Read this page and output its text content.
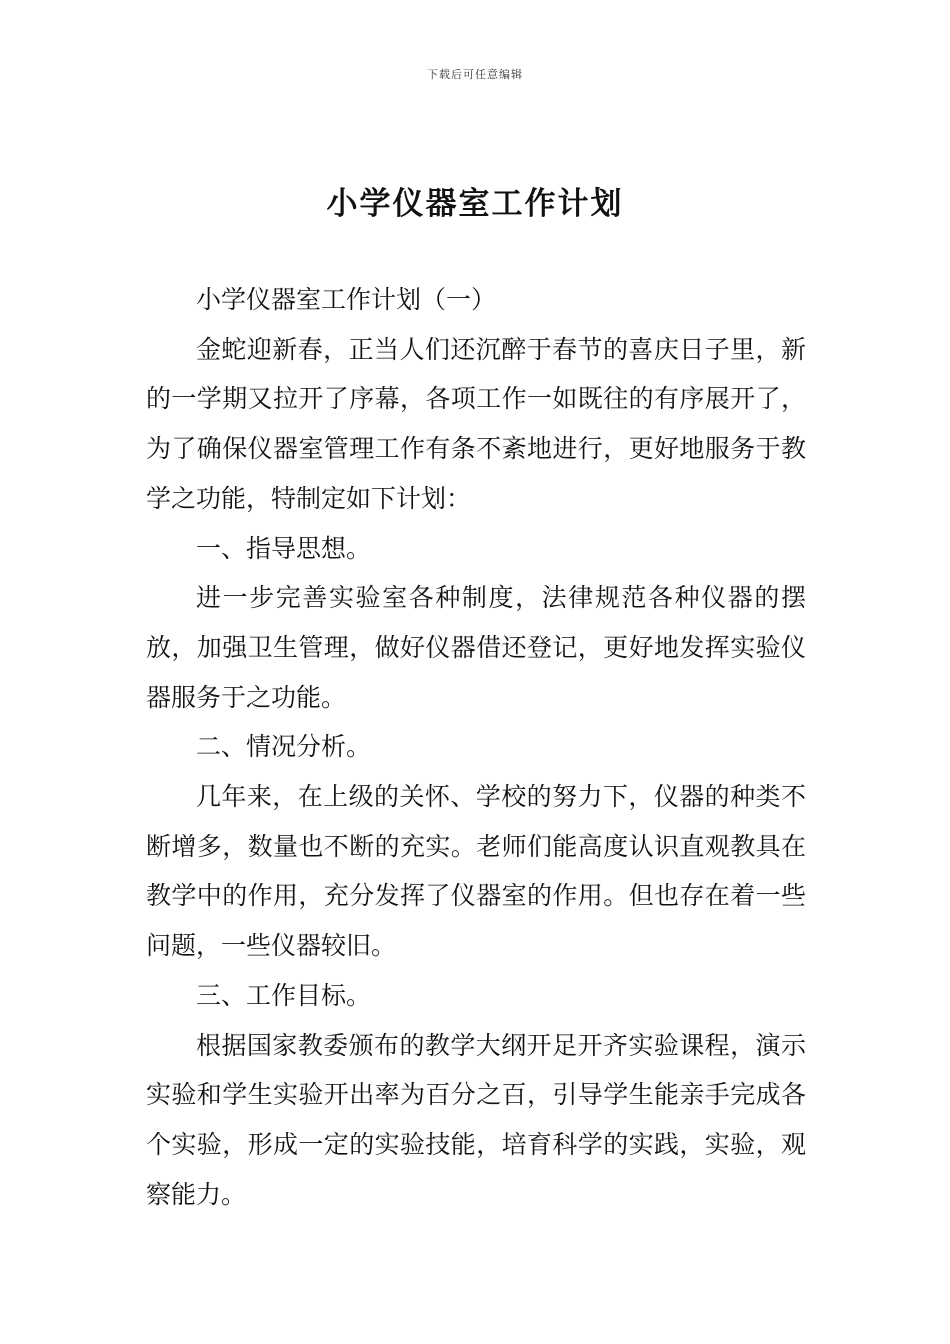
下载后可任意编辑
小学仪器室工作计划

小学仪器室工作计划（一）

金蛇迎新春，正当人们还沉醉于春节的喜庆日子里，新的一学期又拉开了序幕，各项工作一如既往的有序展开了，为了确保仪器室管理工作有条不紊地进行，更好地服务于教学之功能，特制定如下计划：

一、指导思想。

进一步完善实验室各种制度，法律规范各种仪器的摆放，加强卫生管理，做好仪器借还登记，更好地发挥实验仪器服务于之功能。

二、情况分析。

几年来，在上级的关怀、学校的努力下，仪器的种类不断增多，数量也不断的充实。老师们能高度认识直观教具在教学中的作用，充分发挥了仪器室的作用。但也存在着一些问题，一些仪器较旧。

三、工作目标。

根据国家教委颁布的教学大纲开足开齐实验课程，演示实验和学生实验开出率为百分之百，引导学生能亲手完成各个实验，形成一定的实验技能，培育科学的实践，实验，观察能力。
